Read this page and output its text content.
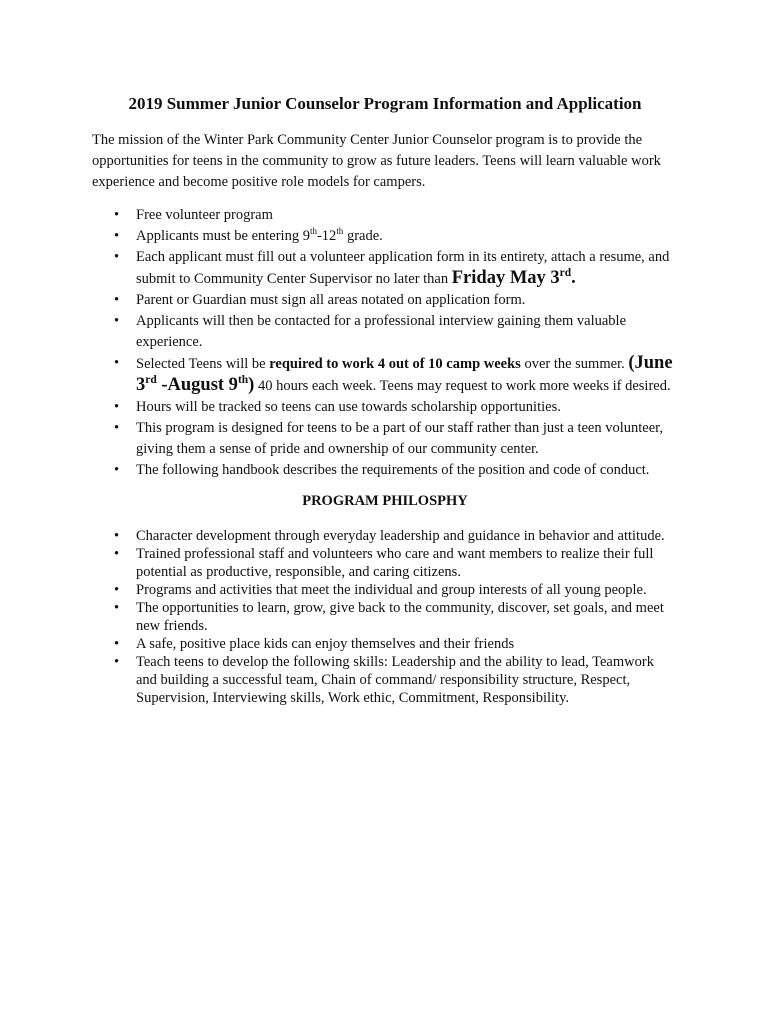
2019 Summer Junior Counselor Program Information and Application

The mission of the Winter Park Community Center Junior Counselor program is to provide the opportunities for teens in the community to grow as future leaders. Teens will learn valuable work experience and become positive role models for campers.

• Free volunteer program
• Applicants must be entering 9th-12th grade.
• Each applicant must fill out a volunteer application form in its entirety, attach a resume, and submit to Community Center Supervisor no later than Friday May 3rd.
• Parent or Guardian must sign all areas notated on application form.
• Applicants will then be contacted for a professional interview gaining them valuable experience.
• Selected Teens will be required to work 4 out of 10 camp weeks over the summer. (June 3rd -August 9th) 40 hours each week. Teens may request to work more weeks if desired.
• Hours will be tracked so teens can use towards scholarship opportunities.
• This program is designed for teens to be a part of our staff rather than just a teen volunteer, giving them a sense of pride and ownership of our community center.
• The following handbook describes the requirements of the position and code of conduct.
PROGRAM PHILOSPHY
• Character development through everyday leadership and guidance in behavior and attitude.
• Trained professional staff and volunteers who care and want members to realize their full potential as productive, responsible, and caring citizens.
• Programs and activities that meet the individual and group interests of all young people.
• The opportunities to learn, grow, give back to the community, discover, set goals, and meet new friends.
• A safe, positive place kids can enjoy themselves and their friends
• Teach teens to develop the following skills: Leadership and the ability to lead, Teamwork and building a successful team, Chain of command/ responsibility structure, Respect, Supervision, Interviewing skills, Work ethic, Commitment, Responsibility.
